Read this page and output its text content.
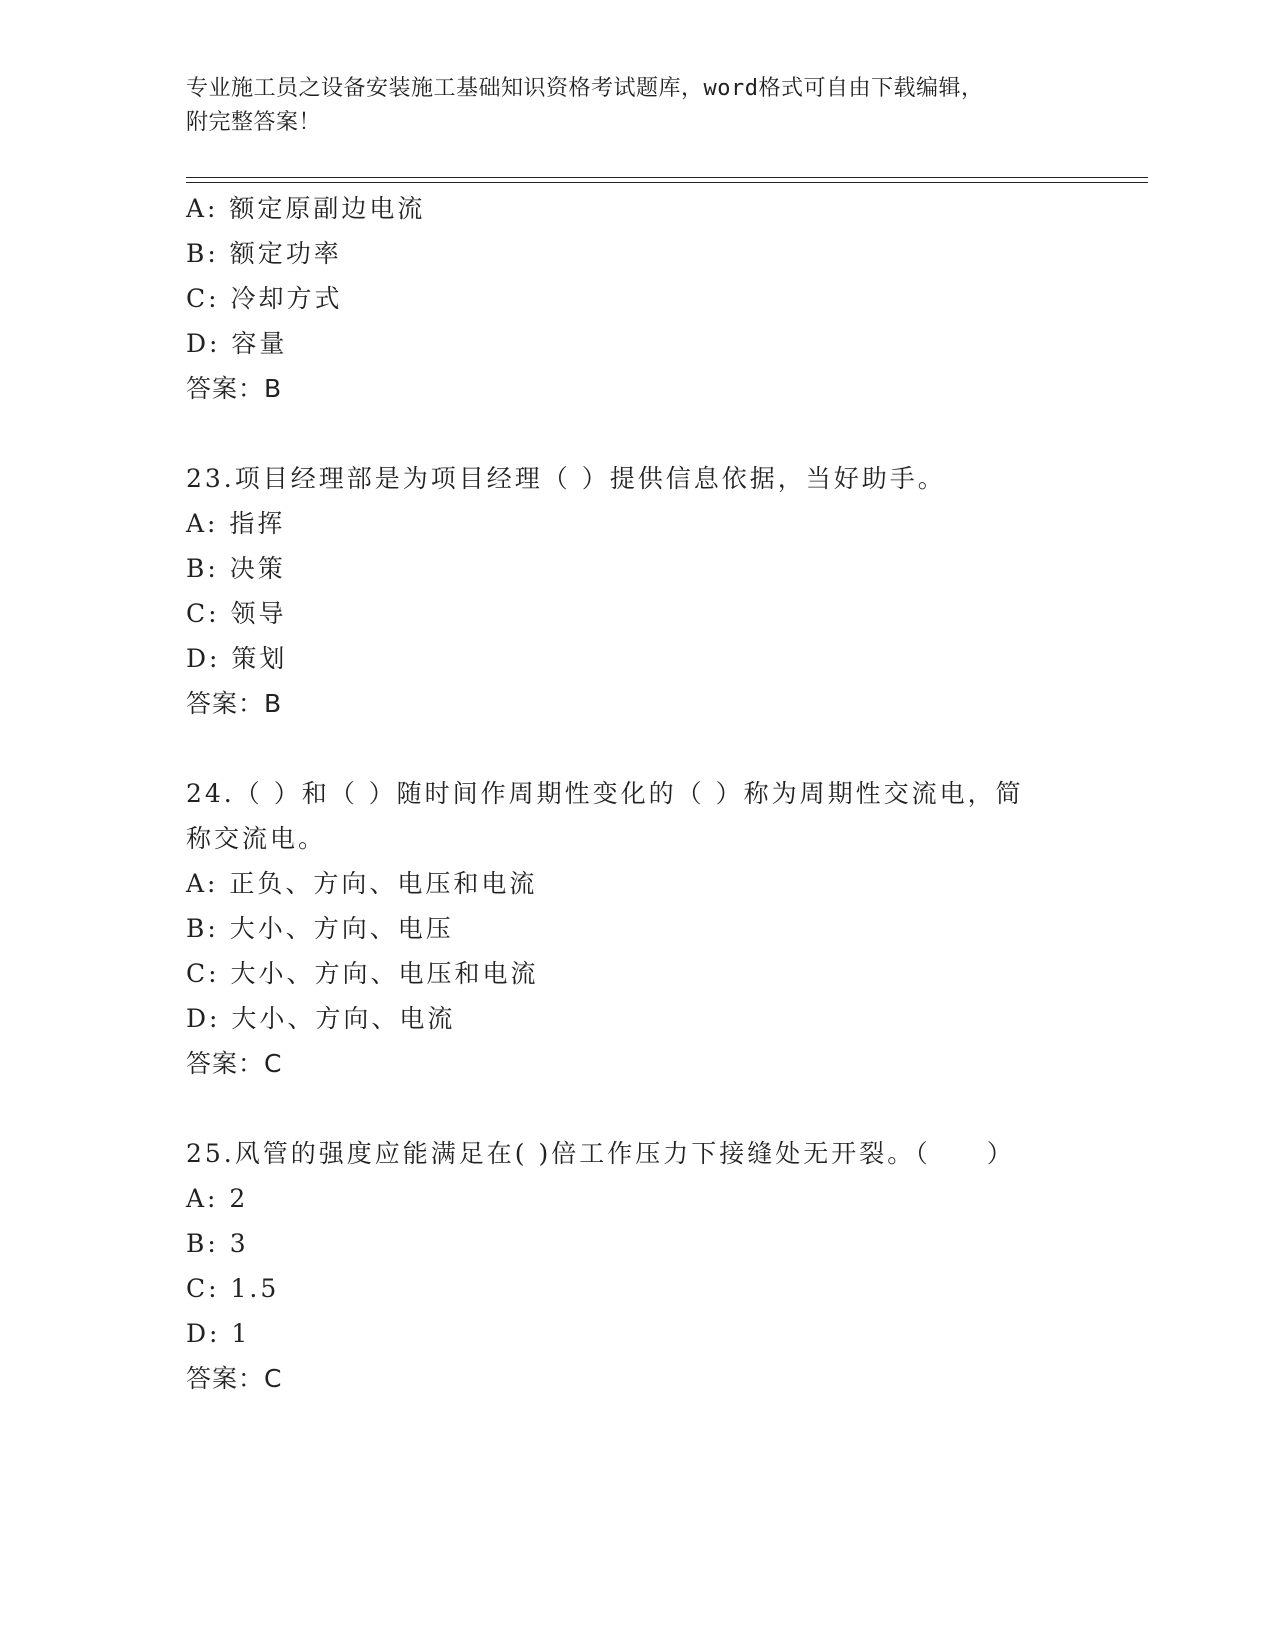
专业施工员之设备安装施工基础知识资格考试题库，word格式可自由下载编辑，
附完整答案！
A: 额定原副边电流
B: 额定功率
C: 冷却方式
D: 容量
答案：B
23.项目经理部是为项目经理（ ）提供信息依据，当好助手。
A: 指挥
B: 决策
C: 领导
D: 策划
答案：B
24.（ ）和（ ）随时间作周期性变化的（ ）称为周期性交流电，简
称交流电。
A: 正负、方向、电压和电流
B: 大小、方向、电压
C: 大小、方向、电压和电流
D: 大小、方向、电流
答案：C
25.风管的强度应能满足在( )倍工作压力下接缝处无开裂。（　　）
A: 2
B: 3
C: 1.5
D: 1
答案：C
